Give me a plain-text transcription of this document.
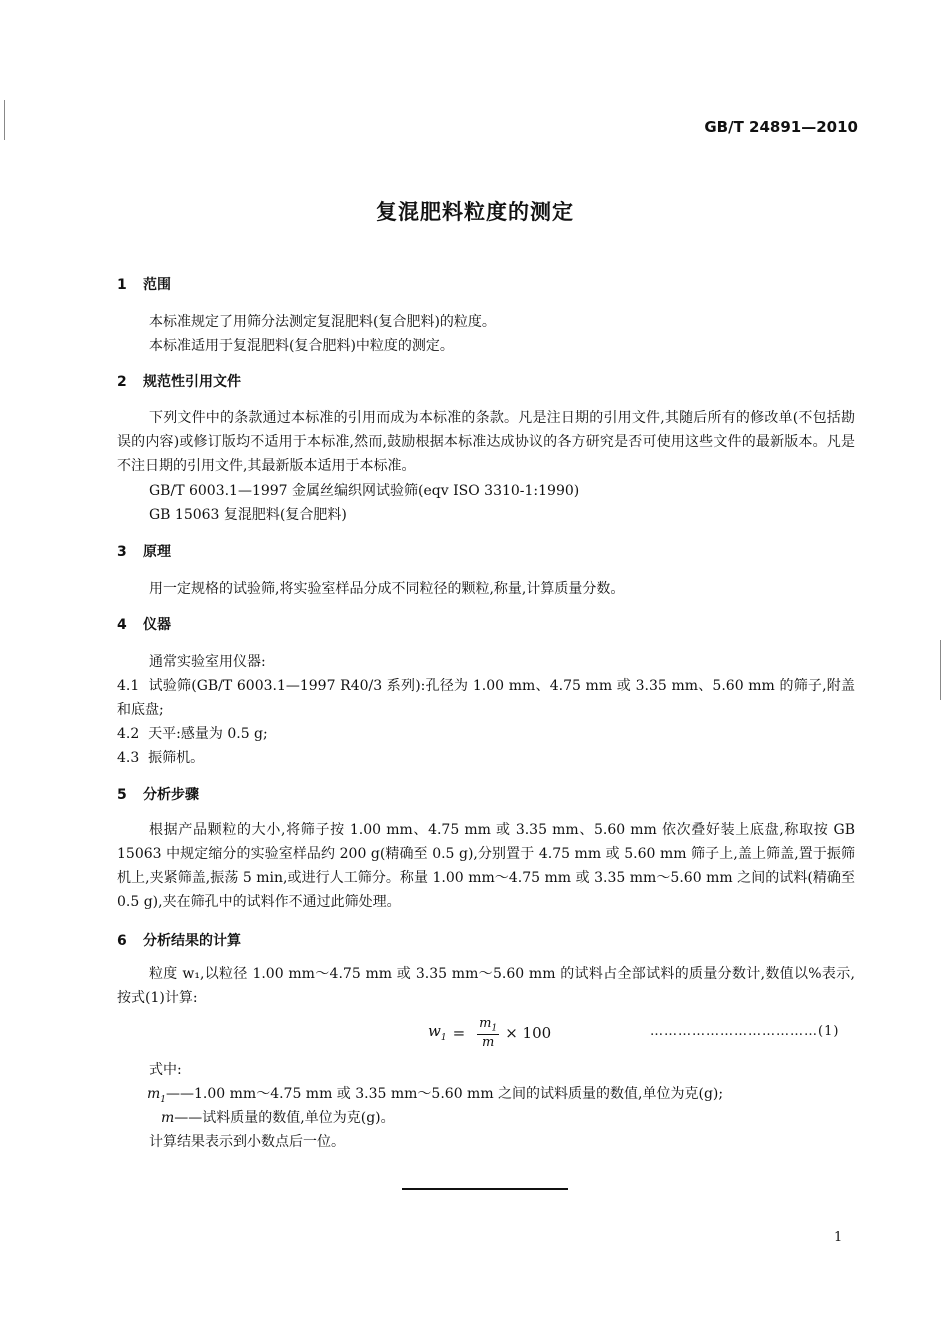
GB/T 24891—2010
复混肥料粒度的测定
1 范围
本标准规定了用筛分法测定复混肥料(复合肥料)的粒度。
本标准适用于复混肥料(复合肥料)中粒度的测定。
2 规范性引用文件
下列文件中的条款通过本标准的引用而成为本标准的条款。凡是注日期的引用文件,其随后所有的修改单(不包括勘误的内容)或修订版均不适用于本标准,然而,鼓励根据本标准达成协议的各方研究是否可使用这些文件的最新版本。凡是不注日期的引用文件,其最新版本适用于本标准。
GB/T 6003.1—1997 金属丝编织网试验筛(eqv ISO 3310-1:1990)
GB 15063 复混肥料(复合肥料)
3 原理
用一定规格的试验筛,将实验室样品分成不同粒径的颗粒,称量,计算质量分数。
4 仪器
通常实验室用仪器:
4.1 试验筛(GB/T 6003.1—1997 R40/3 系列):孔径为 1.00 mm、4.75 mm 或 3.35 mm、5.60 mm 的筛子,附盖和底盘;
4.2 天平:感量为 0.5 g;
4.3 振筛机。
5 分析步骤
根据产品颗粒的大小,将筛子按 1.00 mm、4.75 mm 或 3.35 mm、5.60 mm 依次叠好装上底盘,称取按 GB 15063 中规定缩分的实验室样品约 200 g(精确至 0.5 g),分别置于 4.75 mm 或 5.60 mm 筛子上,盖上筛盖,置于振筛机上,夹紧筛盖,振荡 5 min,或进行人工筛分。称量 1.00 mm～4.75 mm 或 3.35 mm～5.60 mm 之间的试料(精确至 0.5 g),夹在筛孔中的试料作不通过此筛处理。
6 分析结果的计算
粒度 w₁,以粒径 1.00 mm～4.75 mm 或 3.35 mm～5.60 mm 的试料占全部试料的质量分数计,数值以%表示,按式(1)计算:
$w_1 = \frac{m_1}{m} \times 100$	………………………………(1)
式中:
$m_1——1.00$ mm～4.75 mm 或 3.35 mm～5.60 mm 之间的试料质量的数值,单位为克(g);
m——试料质量的数值,单位为克(g)。
计算结果表示到小数点后一位。
1
